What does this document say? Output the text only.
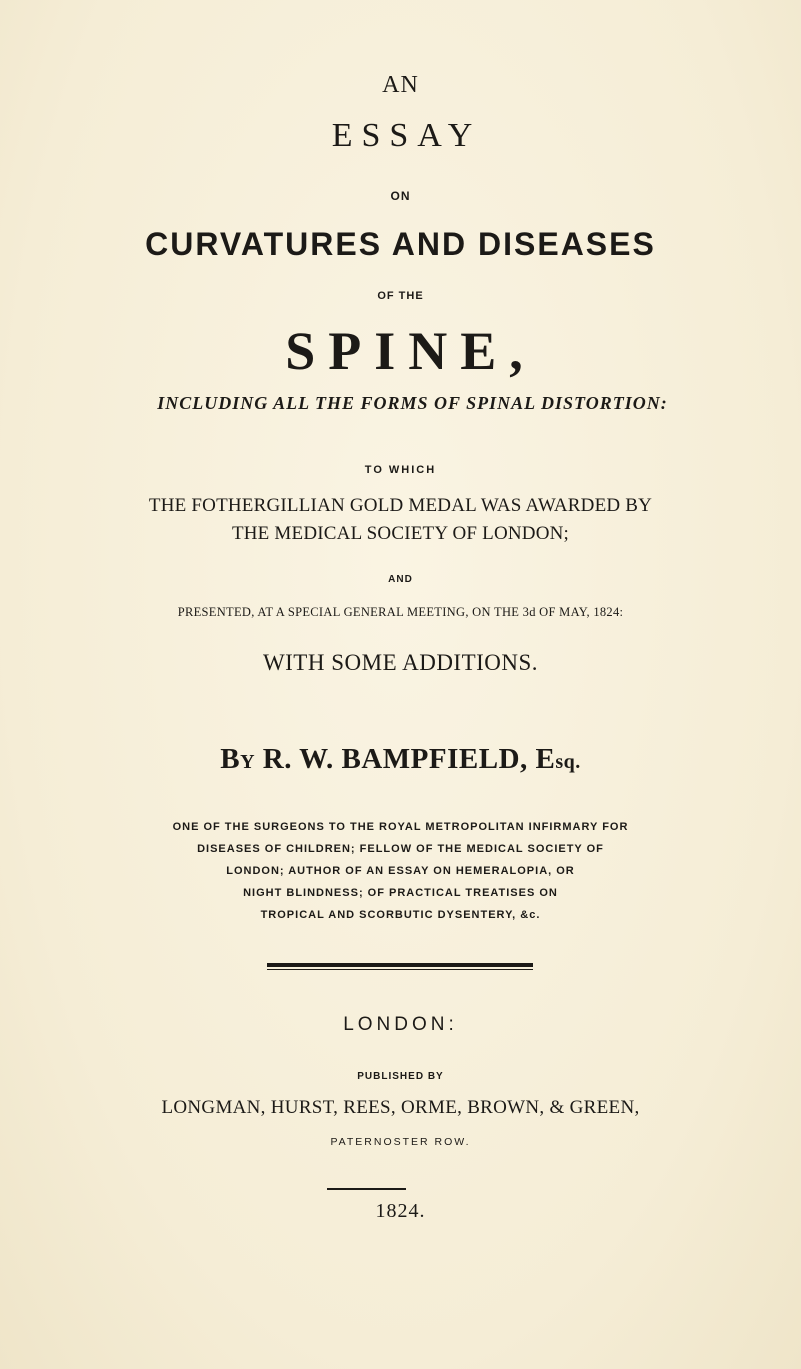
AN
ESSAY
ON
CURVATURES AND DISEASES
OF THE
SPINE,
INCLUDING ALL THE FORMS OF SPINAL DISTORTION:
TO WHICH
THE FOTHERGILLIAN GOLD MEDAL WAS AWARDED BY
THE MEDICAL SOCIETY OF LONDON;
AND
PRESENTED, AT A SPECIAL GENERAL MEETING, ON THE 3d OF MAY, 1824:
WITH SOME ADDITIONS.
BY R. W. BAMPFIELD, Esq.
ONE OF THE SURGEONS TO THE ROYAL METROPOLITAN INFIRMARY FOR
DISEASES OF CHILDREN; FELLOW OF THE MEDICAL SOCIETY OF
LONDON; AUTHOR OF AN ESSAY ON HEMERALOPIA, OR
NIGHT BLINDNESS; OF PRACTICAL TREATISES ON
TROPICAL AND SCORBUTIC DYSENTERY, &c.
LONDON:
PUBLISHED BY
LONGMAN, HURST, REES, ORME, BROWN, & GREEN,
PATERNOSTER ROW.
1824.
